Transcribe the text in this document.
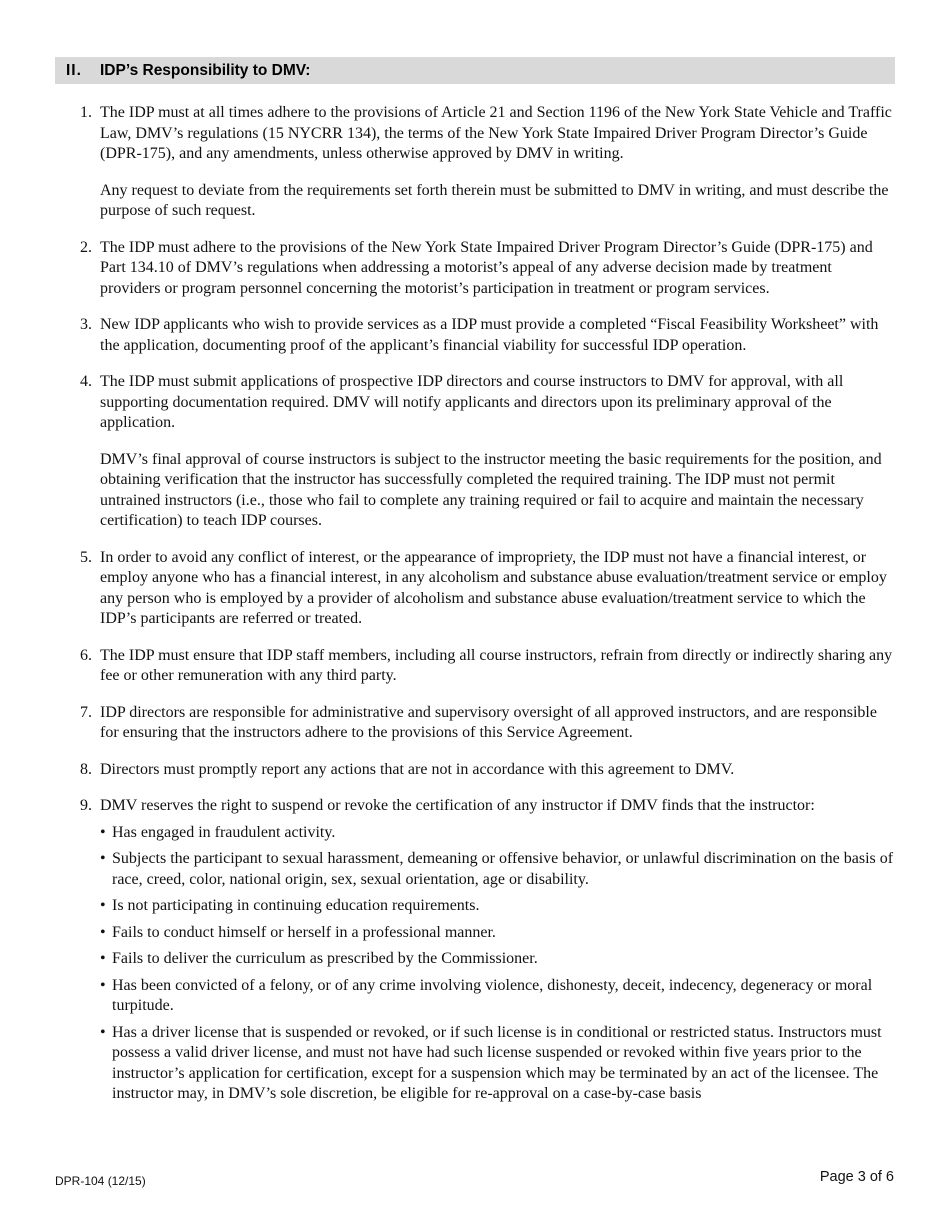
II. IDP’s Responsibility to DMV:
1. The IDP must at all times adhere to the provisions of Article 21 and Section 1196 of the New York State Vehicle and Traffic Law, DMV’s regulations (15 NYCRR 134), the terms of the New York State Impaired Driver Program Director’s Guide (DPR-175), and any amendments, unless otherwise approved by DMV in writing.

Any request to deviate from the requirements set forth therein must be submitted to DMV in writing, and must describe the purpose of such request.

2. The IDP must adhere to the provisions of the New York State Impaired Driver Program Director’s Guide (DPR-175) and Part 134.10 of DMV’s regulations when addressing a motorist’s appeal of any adverse decision made by treatment providers or program personnel concerning the motorist’s participation in treatment or program services.

3. New IDP applicants who wish to provide services as a IDP must provide a completed “Fiscal Feasibility Worksheet” with the application, documenting proof of the applicant’s financial viability for successful IDP operation.

4. The IDP must submit applications of prospective IDP directors and course instructors to DMV for approval, with all supporting documentation required. DMV will notify applicants and directors upon its preliminary approval of the application.

DMV’s final approval of course instructors is subject to the instructor meeting the basic requirements for the position, and obtaining verification that the instructor has successfully completed the required training. The IDP must not permit untrained instructors (i.e., those who fail to complete any training required or fail to acquire and maintain the necessary certification) to teach IDP courses.

5. In order to avoid any conflict of interest, or the appearance of impropriety, the IDP must not have a financial interest, or employ anyone who has a financial interest, in any alcoholism and substance abuse evaluation/treatment service or employ any person who is employed by a provider of alcoholism and substance abuse evaluation/treatment service to which the IDP’s participants are referred or treated.

6. The IDP must ensure that IDP staff members, including all course instructors, refrain from directly or indirectly sharing any fee or other remuneration with any third party.

7. IDP directors are responsible for administrative and supervisory oversight of all approved instructors, and are responsible for ensuring that the instructors adhere to the provisions of this Service Agreement.

8. Directors must promptly report any actions that are not in accordance with this agreement to DMV.

9. DMV reserves the right to suspend or revoke the certification of any instructor if DMV finds that the instructor:

• Has engaged in fraudulent activity.
• Subjects the participant to sexual harassment, demeaning or offensive behavior, or unlawful discrimination on the basis of race, creed, color, national origin, sex, sexual orientation, age or disability.
• Is not participating in continuing education requirements.
• Fails to conduct himself or herself in a professional manner.
• Fails to deliver the curriculum as prescribed by the Commissioner.
• Has been convicted of a felony, or of any crime involving violence, dishonesty, deceit, indecency, degeneracy or moral turpitude.
• Has a driver license that is suspended or revoked, or if such license is in conditional or restricted status. Instructors must possess a valid driver license, and must not have had such license suspended or revoked within five years prior to the instructor’s application for certification, except for a suspension which may be terminated by an act of the licensee. The instructor may, in DMV’s sole discretion, be eligible for re-approval on a case-by-case basis
DPR-104 (12/15)	Page 3 of 6
